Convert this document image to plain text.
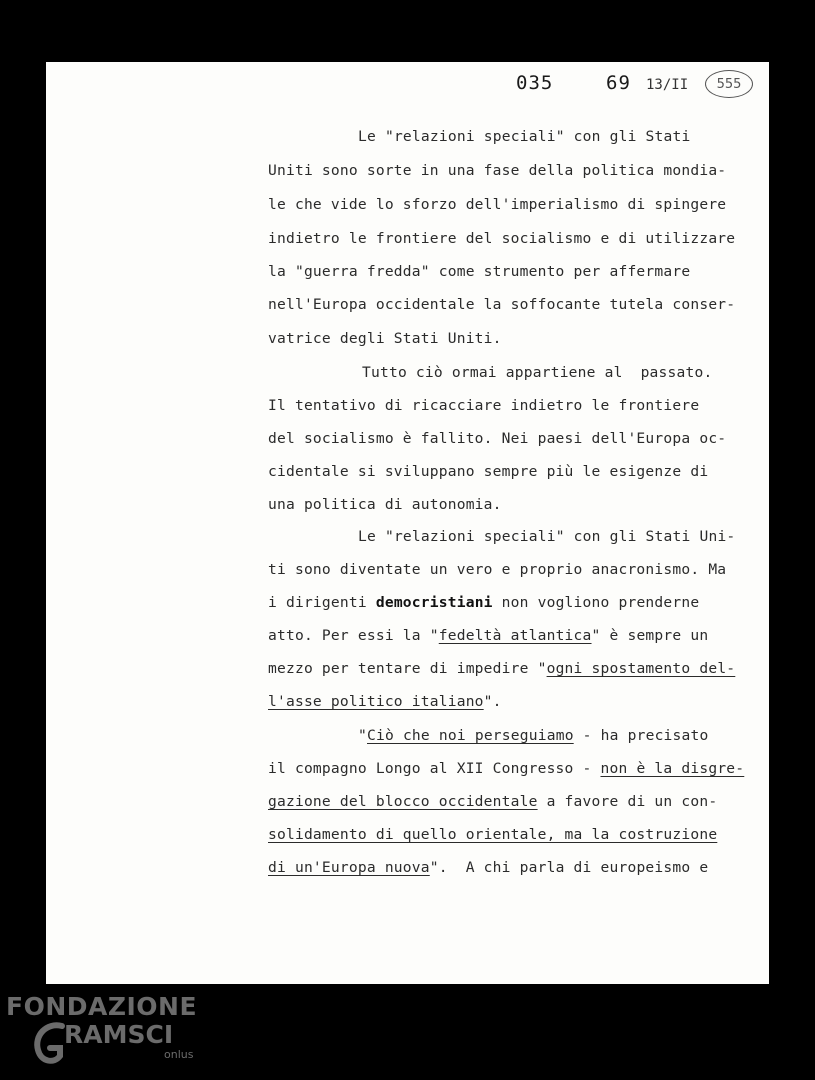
035	69 13/II	555
Le "relazioni speciali" con gli Stati
Uniti sono sorte in una fase della politica mondia-
le che vide lo sforzo dell'imperialismo di spingere
indietro le frontiere del socialismo e di utilizzare
la "guerra fredda" come strumento per affermare
nell'Europa occidentale la soffocante tutela conser-
vatrice degli Stati Uniti.
Tutto ciò ormai appartiene al  passato.
Il tentativo di ricacciare indietro le frontiere
del socialismo è fallito. Nei paesi dell'Europa oc-
cidentale si sviluppano sempre più le esigenze di
una politica di autonomia.
Le "relazioni speciali" con gli Stati Uni-
ti sono diventate un vero e proprio anacronismo. Ma
i dirigenti democristiani non vogliono prenderne
atto. Per essi la "fedeltà atlantica" è sempre un
mezzo per tentare di impedire "ogni spostamento del-
l'asse politico italiano".
"Ciò che noi perseguiamo - ha precisato
il compagno Longo al XII Congresso - non è la disgre-
gazione del blocco occidentale a favore di un con-
solidamento di quello orientale, ma la costruzione
di un'Europa nuova".  A chi parla di europeismo e
FONDAZIONE
RAMSCI
onlus
